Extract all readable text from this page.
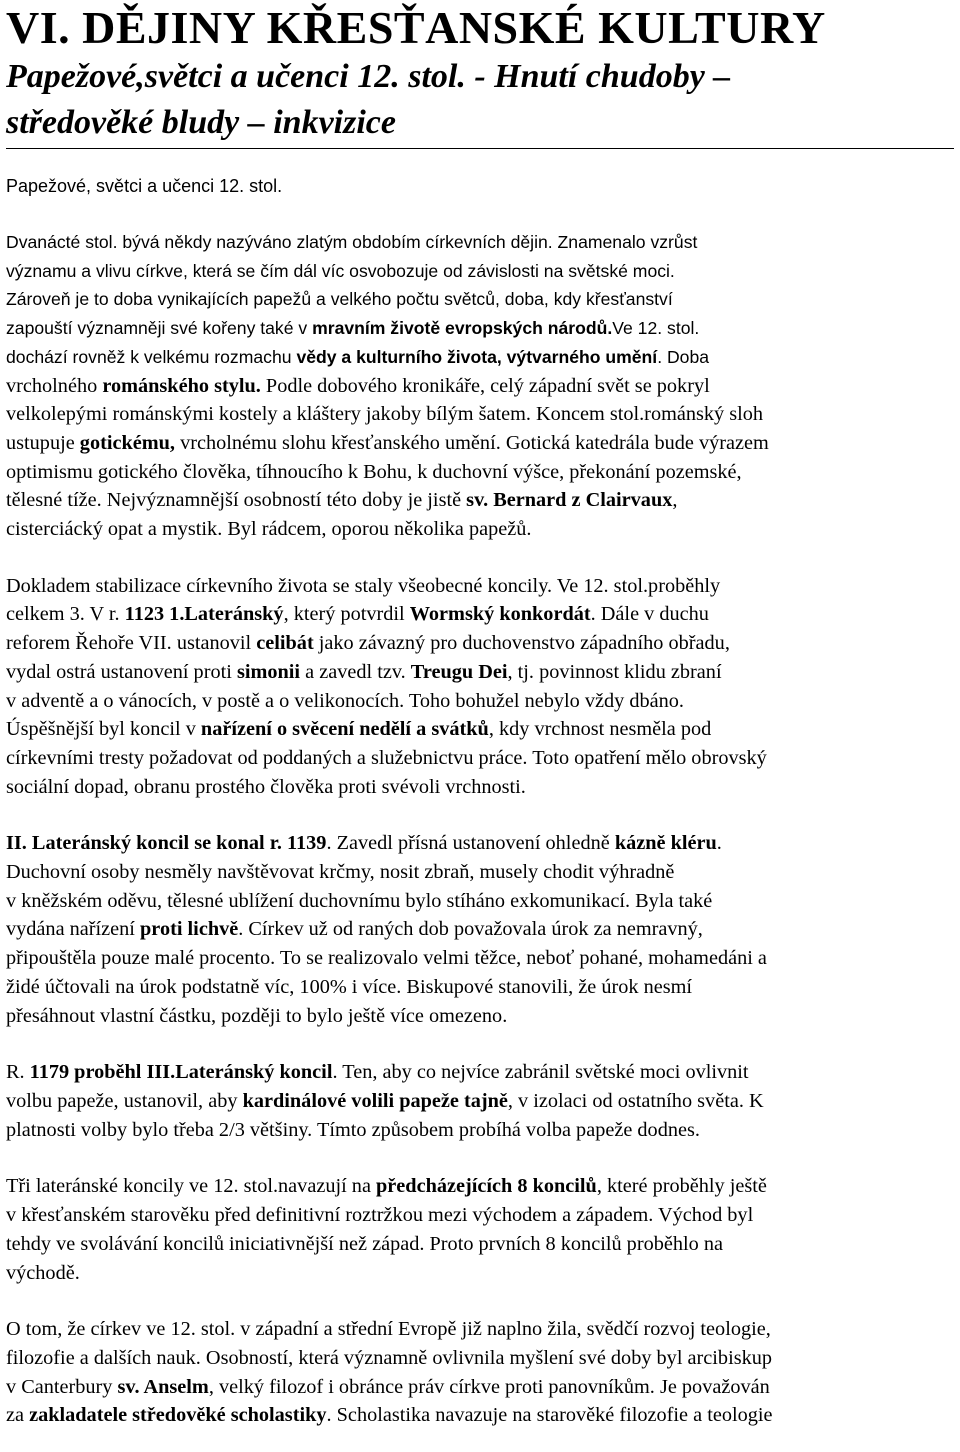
VI. DĚJINY KŘESŤANSKÉ KULTURY
Papežové,světci a učenci 12. stol. - Hnutí chudoby –
středověké bludy – inkvizice
Papežové, světci a učenci 12. stol.
Dvanácté stol. bývá někdy nazýváno zlatým obdobím církevních dějin. Znamenalo vzrůst
významu a vlivu církve, která se čím dál víc osvobozuje od závislosti na světské moci.
Zároveň je to doba vynikajících papežů a velkého počtu světců, doba, kdy křesťanství
zapouští významněji své kořeny také v mravním životě evropských národů.Ve 12. stol.
dochází rovněž k velkému rozmachu vědy a kulturního života, výtvarného umění. Doba
vrcholného románského stylu. Podle dobového kronikáře, celý západní svět se pokryl
velkolepými románskými kostely a kláštery jakoby bílým šatem. Koncem stol.románský sloh
ustupuje gotickému, vrcholnému slohu křesťanského umění. Gotická katedrála bude výrazem
optimismu gotického člověka, tíhnoucího k Bohu, k duchovní výšce, překonání pozemské,
tělesné tíže. Nejvýznamnější osobností této doby je jistě sv. Bernard z Clairvaux,
cisterciácký opat a mystik. Byl rádcem, oporou několika papežů.
Dokladem stabilizace církevního života se staly všeobecné koncily. Ve 12. stol.proběhly
celkem 3. V r. 1123 1.Lateránský, který potvrdil Wormský konkordát. Dále v duchu
reforem Řehoře VII. ustanovil celibát jako závazný pro duchovenstvo západního obřadu,
vydal ostrá ustanovení proti simonii a zavedl tzv. Treugu Dei, tj. povinnost klidu zbraní
v adventě a o vánocích, v postě a o velikonocích. Toho bohužel nebylo vždy dbáno.
Úspěšnější byl koncil v nařízení o svěcení nedělí a svátků, kdy vrchnost nesměla pod
církevními tresty požadovat od poddaných a služebnictvu práce. Toto opatření mělo obrovský
sociální dopad, obranu prostého člověka proti svévoli vrchnosti.
II. Lateránský koncil se konal r. 1139. Zavedl přísná ustanovení ohledně kázně kléru.
Duchovní osoby nesměly navštěvovat krčmy, nosit zbraň, musely chodit výhradně
v kněžském oděvu, tělesné ublížení duchovnímu bylo stíháno exkomunikací. Byla také
vydána nařízení proti lichvě. Církev už od raných dob považovala úrok za nemravný,
připouštěla pouze malé procento. To se realizovalo velmi těžce, neboť pohané, mohamedáni a
židé účtovali na úrok podstatně víc, 100% i více. Biskupové stanovili, že úrok nesmí
přesáhnout vlastní částku, později to bylo ještě více omezeno.
R. 1179 proběhl III.Lateránský koncil. Ten, aby co nejvíce zabránil světské moci ovlivnit
volbu papeže, ustanovil, aby kardinálové volili papeže tajně, v izolaci od ostatního světa. K
platnosti volby bylo třeba 2/3 většiny. Tímto způsobem probíhá volba papeže dodnes.
Tři lateránské koncily ve 12. stol.navazují na předcházejících 8 koncilů, které proběhly ještě
v křesťanském starověku před definitivní roztržkou mezi východem a západem. Východ byl
tehdy ve svolávání koncilů iniciativnější než západ. Proto prvních 8 koncilů proběhlo na
východě.
O tom, že církev ve 12. stol. v západní a střední Evropě již naplno žila, svědčí rozvoj teologie,
filozofie a dalších nauk. Osobností, která významně ovlivnila myšlení své doby byl arcibiskup
v Canterbury sv. Anselm, velký filozof i obránce práv církve proti panovníkům. Je považován
za zakladatele středověké scholastiky. Scholastika navazuje na starověké filozofie a teologie
